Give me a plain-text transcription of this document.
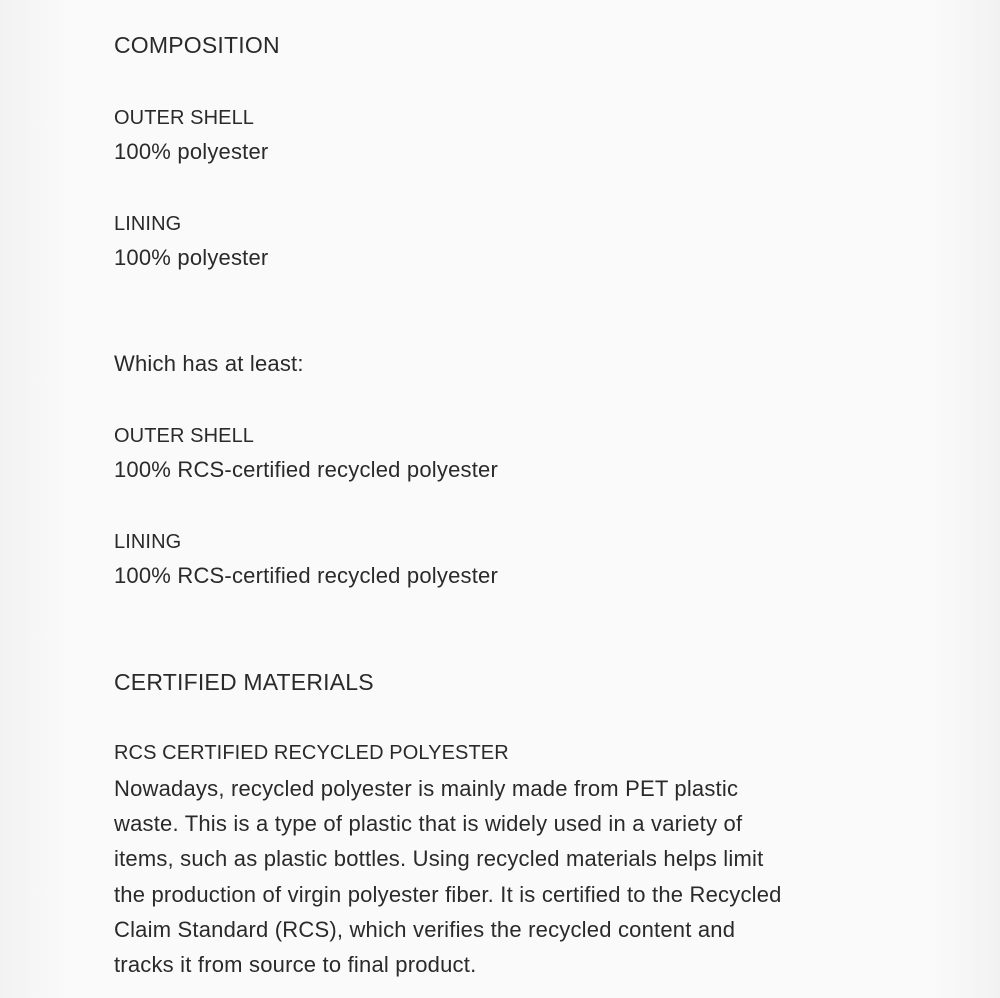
COMPOSITION
OUTER SHELL
100% polyester
LINING
100% polyester
Which has at least:
OUTER SHELL
100% RCS-certified recycled polyester
LINING
100% RCS-certified recycled polyester
CERTIFIED MATERIALS
RCS CERTIFIED RECYCLED POLYESTER
Nowadays, recycled polyester is mainly made from PET plastic
waste. This is a type of plastic that is widely used in a variety of
items, such as plastic bottles. Using recycled materials helps limit
the production of virgin polyester fiber. It is certified to the Recycled
Claim Standard (RCS), which verifies the recycled content and
tracks it from source to final product.
